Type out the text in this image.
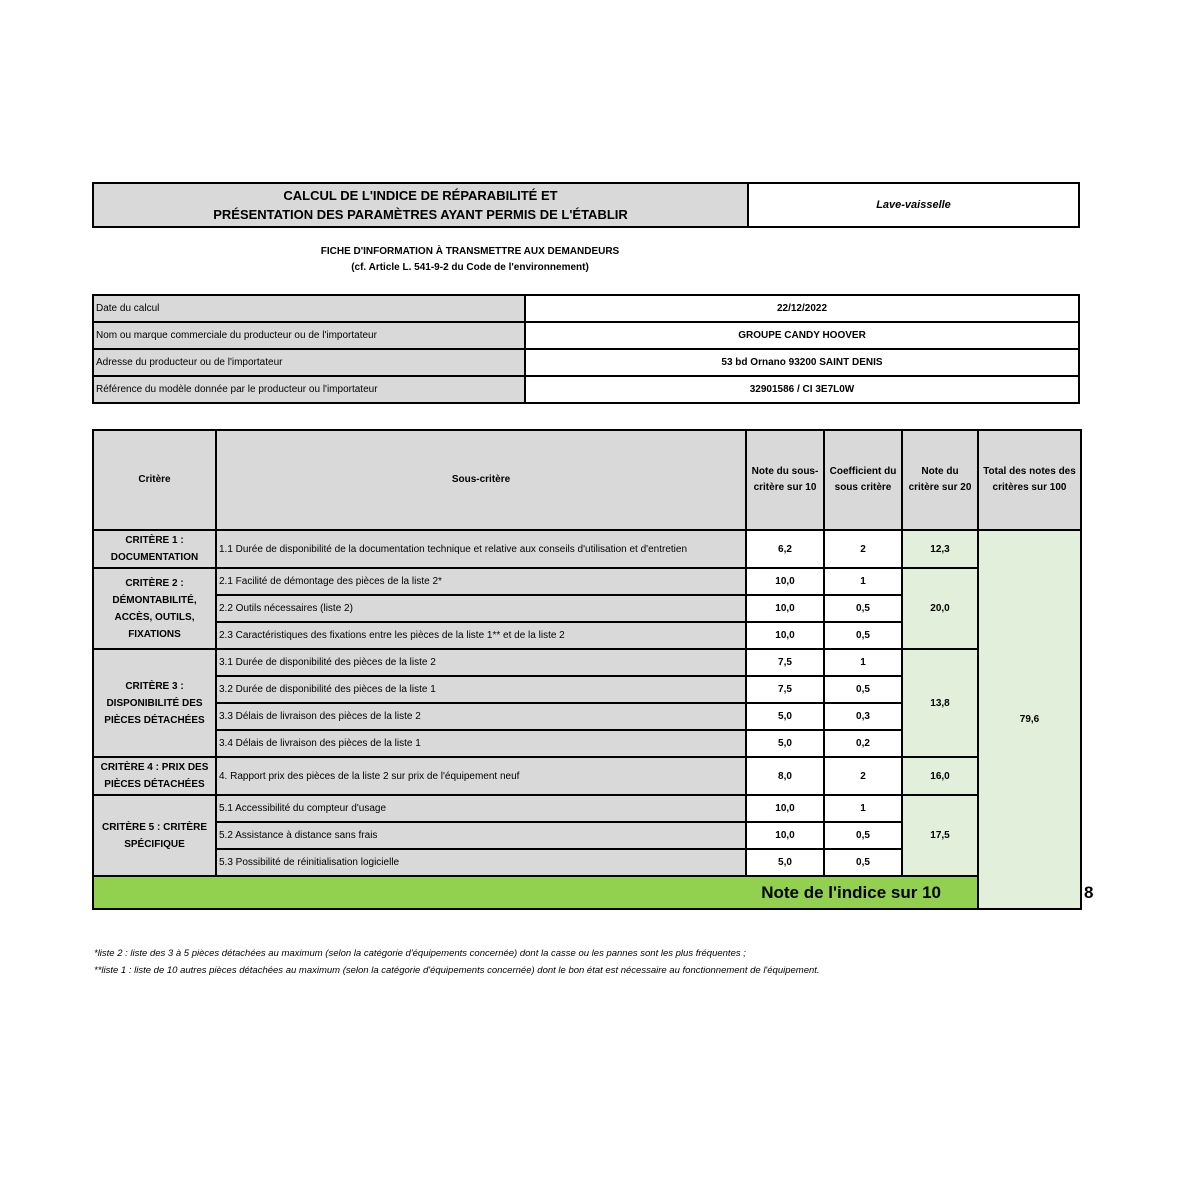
CALCUL DE L'INDICE DE RÉPARABILITÉ ET
PRÉSENTATION DES PARAMÈTRES AYANT PERMIS DE L'ÉTABLIR
Lave-vaisselle
FICHE D'INFORMATION À TRANSMETTRE AUX DEMANDEURS
(cf. Article L. 541-9-2 du Code de l'environnement)
Date du calcul	22/12/2022
Nom ou marque commerciale du producteur ou de l'importateur	GROUPE CANDY HOOVER
Adresse du producteur ou de l'importateur	53 bd Ornano 93200 SAINT DENIS
Référence du modèle donnée par le producteur ou l'importateur	32901586 / CI 3E7L0W
Critère	Sous-critère	Note du sous-critère sur 10	Coefficient du sous critère	Note du critère sur 20	Total des notes des critères sur 100	
CRITÈRE 1 : DOCUMENTATION	1.1 Durée de disponibilité de la documentation technique et relative aux conseils d'utilisation et d'entretien	6,2	2	12,3	79,6	
CRITÈRE 2 : DÉMONTABILITÉ, ACCÈS, OUTILS, FIXATIONS	2.1 Facilité de démontage des pièces de la liste 2*	10,0	1	20,0		
	2.2 Outils nécessaires (liste 2)	10,0	0,5			
	2.3 Caractéristiques des fixations entre les pièces de la liste 1** et de la liste 2	10,0	0,5			
CRITÈRE 3 : DISPONIBILITÉ DES PIÈCES DÉTACHÉES	3.1 Durée de disponibilité des pièces de la liste 2	7,5	1	13,8		
	3.2 Durée de disponibilité des pièces de la liste 1	7,5	0,5			
	3.3 Délais de livraison des pièces de la liste 2	5,0	0,3			
	3.4 Délais de livraison des pièces de la liste 1	5,0	0,2			
CRITÈRE 4 : PRIX DES PIÈCES DÉTACHÉES	4. Rapport prix des pièces de la liste 2 sur prix de l'équipement neuf	8,0	2	16,0		
CRITÈRE 5 : CRITÈRE SPÉCIFIQUE	5.1 Accessibilité du compteur d'usage	10,0	1	17,5		
	5.2 Assistance à distance sans frais	10,0	0,5			
	5.3 Possibilité de réinitialisation logicielle	5,0	0,5			
Note de l'indice sur 10						8
*liste 2 : liste des 3 à 5 pièces détachées au maximum (selon la catégorie d'équipements concernée) dont la casse ou les pannes sont les plus fréquentes ;
**liste 1 : liste de 10 autres pièces détachées au maximum (selon la catégorie d'équipements concernée) dont le bon état est nécessaire au fonctionnement de l'équipement.
